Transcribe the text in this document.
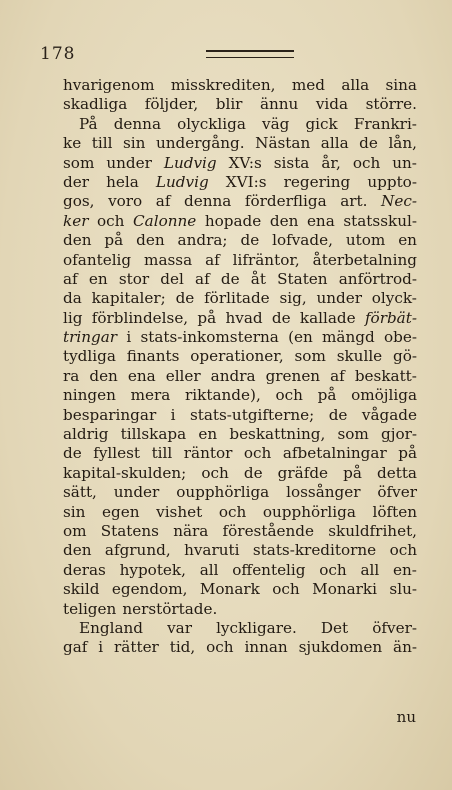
178
hvarigenom misskrediten, med alla sina
skadliga följder, blir ännu vida större.
På denna olyckliga väg gick Frankri-
ke till sin undergång. Nästan alla de lån,
som under Ludvig XV:s sista år, och un-
der hela Ludvig XVI:s regering uppto-
gos, voro af denna förderfliga art. Nec-
ker och Calonne hopade den ena statsskul-
den på den andra; de lofvade, utom en
ofantelig massa af lifräntor, återbetalning
af en stor del af de åt Staten anförtrod-
da kapitaler; de förlitade sig, under olyck-
lig förblindelse, på hvad de kallade förbät-
tringar i stats-inkomsterna (en mängd obe-
tydliga finants operationer, som skulle gö-
ra den ena eller andra grenen af beskatt-
ningen mera riktande), och på omöjliga
besparingar i stats-utgifterne; de vågade
aldrig tillskapa en beskattning, som gjor-
de fyllest till räntor och afbetalningar på
kapital-skulden; och de gräfde på detta
sätt, under oupphörliga lossånger öfver
sin egen vishet och oupphörliga löften
om Statens nära förestående skuldfrihet,
den afgrund, hvaruti stats-kreditorne och
deras hypotek, all offentelig och all en-
skild egendom, Monark och Monarki slu-
teligen nerstörtade.
England var lyckligare. Det öfver-
gaf i rätter tid, och innan sjukdomen än-
nu
